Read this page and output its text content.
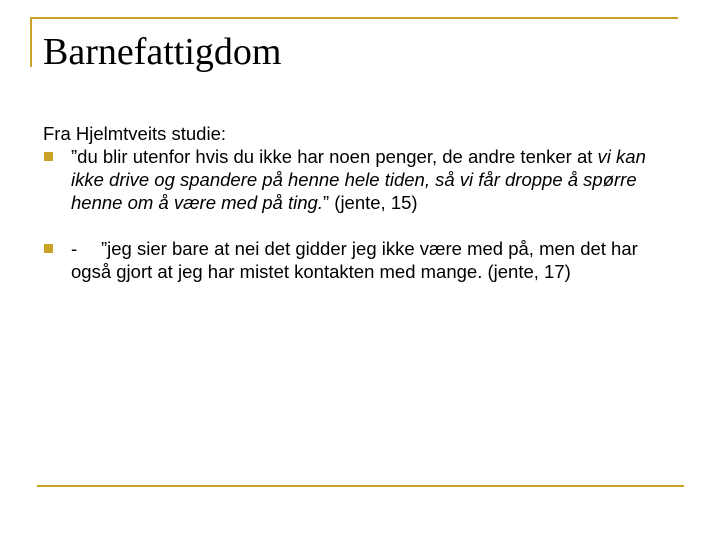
Barnefattigdom

Fra Hjelmtveits studie:

”du blir utenfor hvis du ikke har noen penger, de andre tenker at vi kan ikke drive og spandere på henne hele tiden, så vi får droppe å spørre henne om å være med på ting.” (jente, 15)

- ”jeg sier bare at nei det gidder jeg ikke være med på, men det har også gjort at jeg har mistet kontakten med mange. (jente, 17)
